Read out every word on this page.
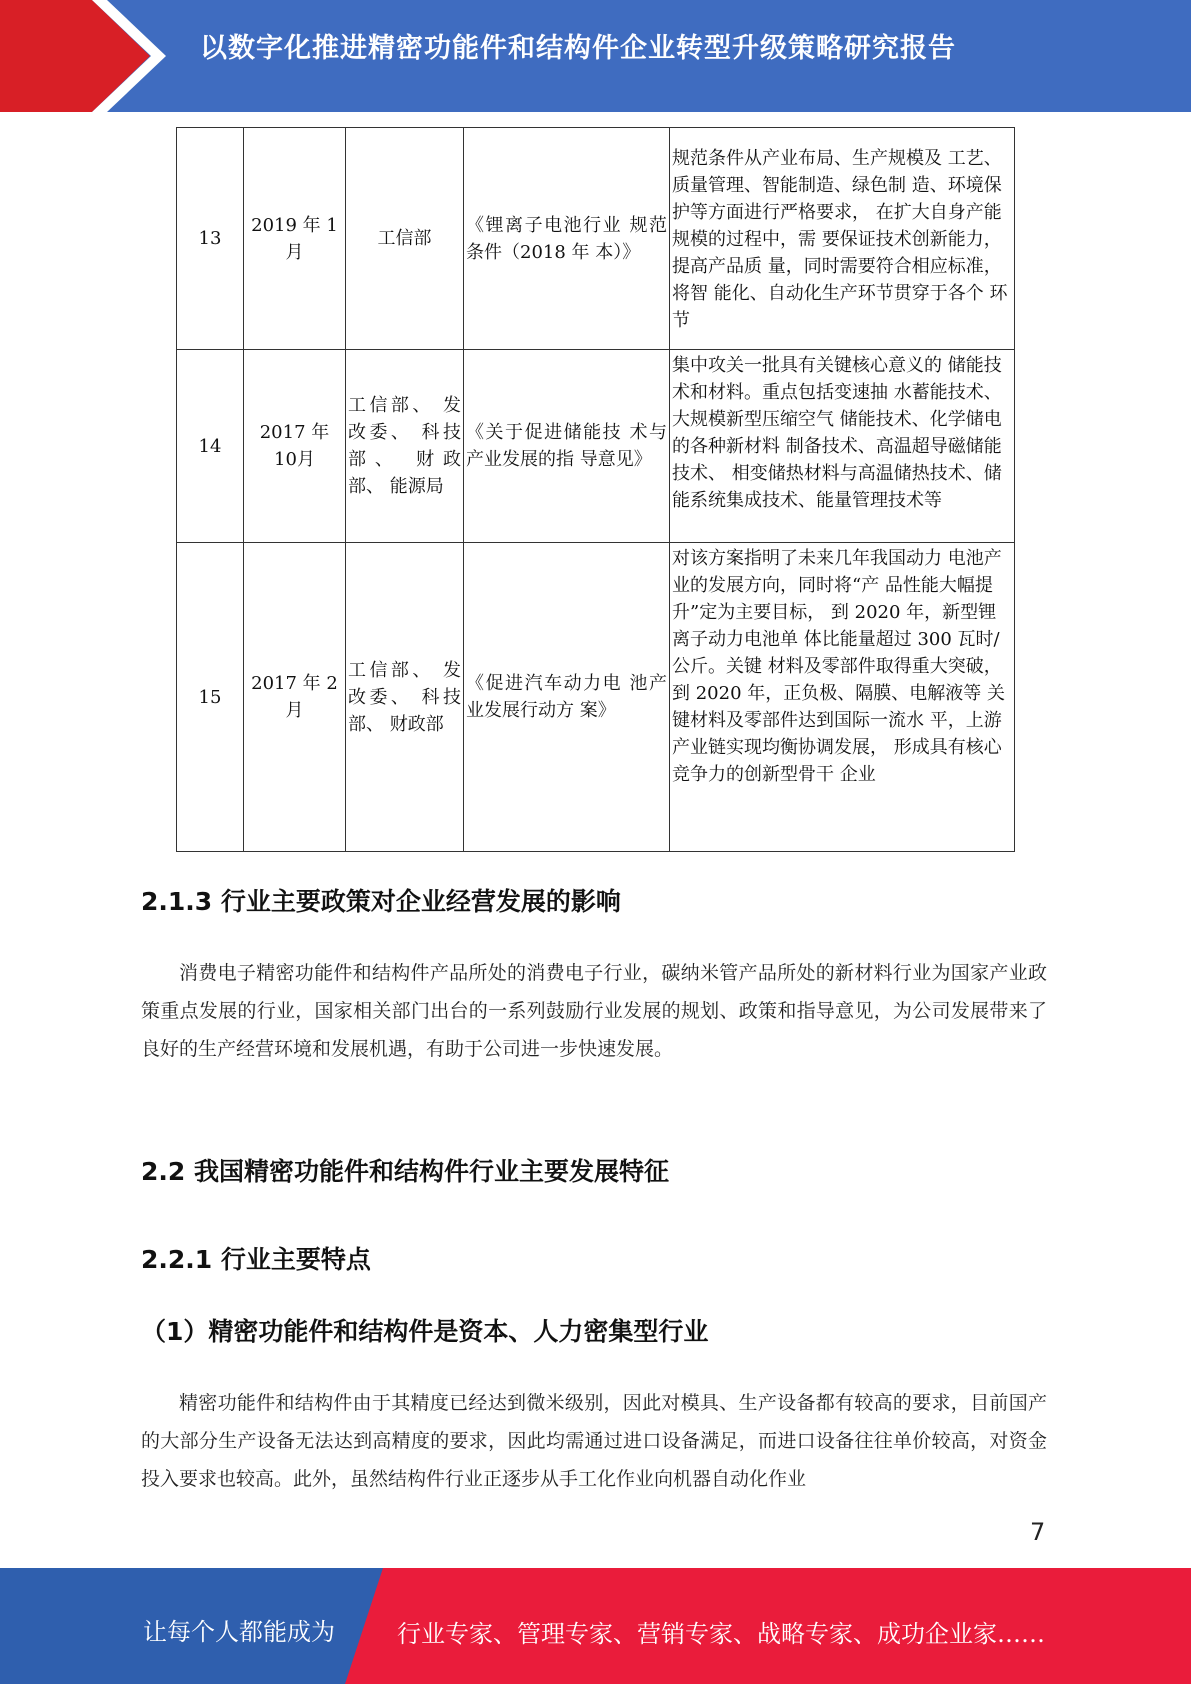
以数字化推进精密功能件和结构件企业转型升级策略研究报告
13	2019 年 1月	工信部	《锂离子电池行业 规范条件（2018 年 本）》	规范条件从产业布局、生产规模及 工艺、质量管理、智能制造、绿色制 造、环境保护等方面进行严格要求， 在扩大自身产能规模的过程中，需 要保证技术创新能力，提高产品质 量，同时需要符合相应标准，将智 能化、自动化生产环节贯穿于各个 环节
14	2017 年 10月	工信部、 发改委、 科技部、 财政部、 能源局	《关于促进储能技 术与产业发展的指 导意见》	集中攻关一批具有关键核心意义的 储能技术和材料。重点包括变速抽 水蓄能技术、大规模新型压缩空气 储能技术、化学储电的各种新材料 制备技术、高温超导磁储能技术、 相变储热材料与高温储热技术、储 能系统集成技术、能量管理技术等
15	2017 年 2月	工信部、 发改委、 科技部、 财政部	《促进汽车动力电 池产业发展行动方 案》	对该方案指明了未来几年我国动力 电池产业的发展方向，同时将“产 品性能大幅提升”定为主要目标， 到 2020 年，新型锂离子动力电池单 体比能量超过 300 瓦时/公斤。关键 材料及零部件取得重大突破，到 2020 年，正负极、隔膜、电解液等 关键材料及零部件达到国际一流水 平，上游产业链实现均衡协调发展， 形成具有核心竞争力的创新型骨干 企业
2.1.3 行业主要政策对企业经营发展的影响
消费电子精密功能件和结构件产品所处的消费电子行业，碳纳米管产品所处的新材料行业为国家产业政策重点发展的行业，国家相关部门出台的一系列鼓励行业发展的规划、政策和指导意见，为公司发展带来了良好的生产经营环境和发展机遇，有助于公司进一步快速发展。
2.2 我国精密功能件和结构件行业主要发展特征
2.2.1 行业主要特点
（1）精密功能件和结构件是资本、人力密集型行业
精密功能件和结构件由于其精度已经达到微米级别，因此对模具、生产设备都有较高的要求，目前国产的大部分生产设备无法达到高精度的要求，因此均需通过进口设备满足，而进口设备往往单价较高，对资金投入要求也较高。此外，虽然结构件行业正逐步从手工化作业向机器自动化作业
7
让每个人都能成为	行业专家、管理专家、营销专家、战略专家、成功企业家……
